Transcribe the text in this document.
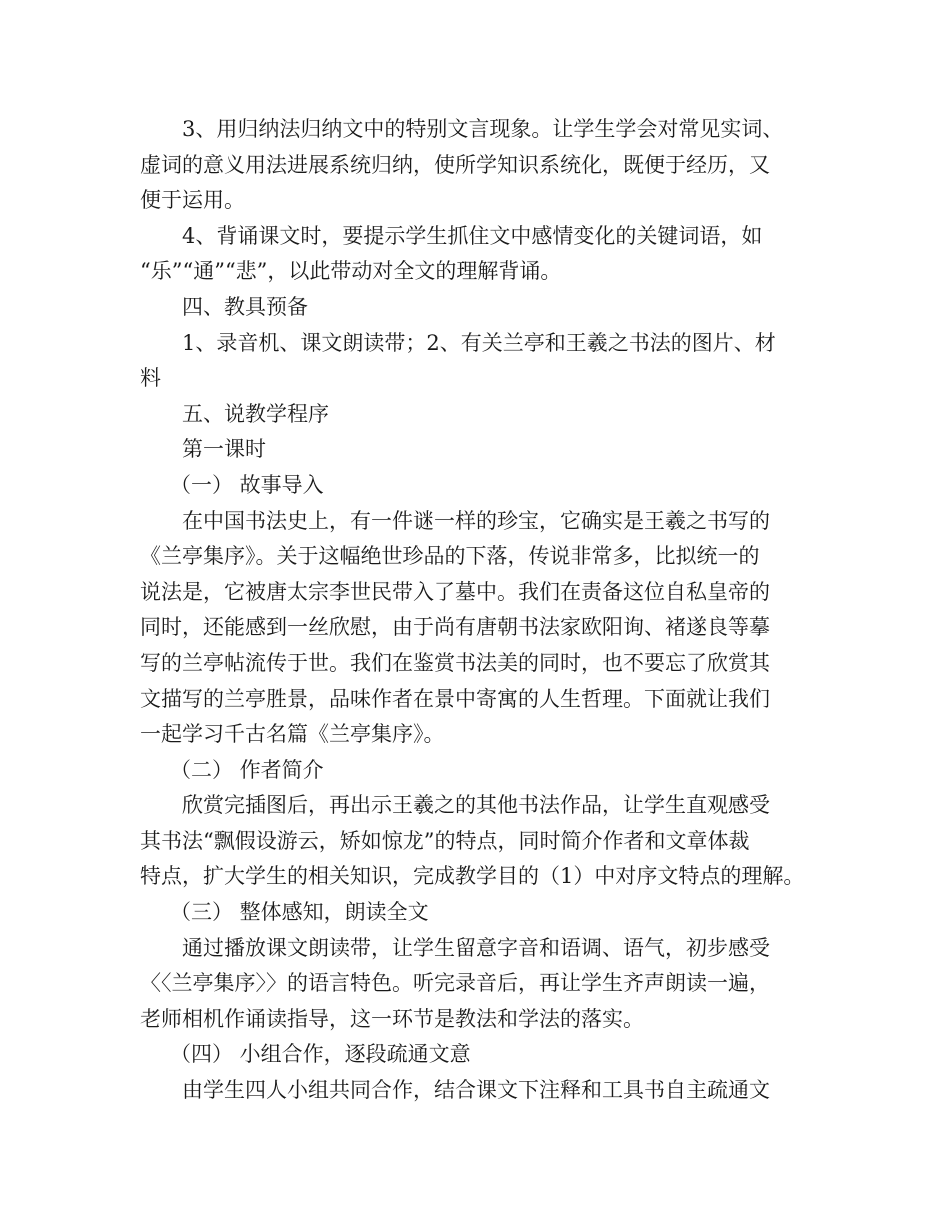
3、用归纳法归纳文中的特别文言现象。让学生学会对常见实词、
虚词的意义用法进展系统归纳，使所学知识系统化，既便于经历，又
便于运用。
4、背诵课文时，要提示学生抓住文中感情变化的关键词语，如
“乐”“通”“悲”，以此带动对全文的理解背诵。
四、教具预备
1、录音机、课文朗读带；2、有关兰亭和王羲之书法的图片、材
料
五、说教学程序
第一课时
（一） 故事导入
在中国书法史上，有一件谜一样的珍宝，它确实是王羲之书写的
《兰亭集序》。关于这幅绝世珍品的下落，传说非常多，比拟统一的
说法是，它被唐太宗李世民带入了墓中。我们在责备这位自私皇帝的
同时，还能感到一丝欣慰，由于尚有唐朝书法家欧阳询、褚遂良等摹
写的兰亭帖流传于世。我们在鉴赏书法美的同时，也不要忘了欣赏其
文描写的兰亭胜景，品味作者在景中寄寓的人生哲理。下面就让我们
一起学习千古名篇《兰亭集序》。
（二） 作者简介
欣赏完插图后，再出示王羲之的其他书法作品，让学生直观感受
其书法“飘假设游云，矫如惊龙”的特点，同时简介作者和文章体裁
特点，扩大学生的相关知识，完成教学目的（1）中对序文特点的理解。
（三） 整体感知，朗读全文
通过播放课文朗读带，让学生留意字音和语调、语气，初步感受
〈〈兰亭集序〉〉的语言特色。听完录音后，再让学生齐声朗读一遍，
老师相机作诵读指导，这一环节是教法和学法的落实。
（四） 小组合作，逐段疏通文意
由学生四人小组共同合作，结合课文下注释和工具书自主疏通文
